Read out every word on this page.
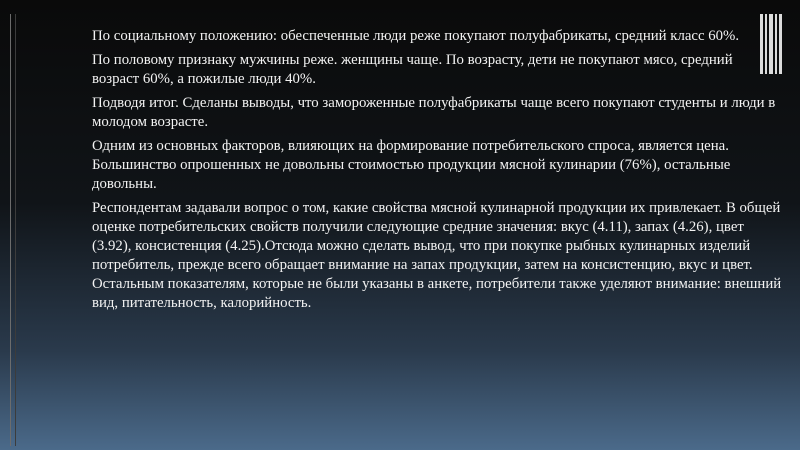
По социальному положению: обеспеченные люди реже покупают полуфабрикаты, средний класс 60%.

По половому признаку мужчины реже. женщины чаще. По возрасту, дети не покупают мясо, средний возраст 60%, а пожилые люди 40%.

Подводя итог. Сделаны выводы, что замороженные полуфабрикаты чаще всего покупают студенты и люди в молодом возрасте.

Одним из основных факторов, влияющих на формирование потребительского спроса, является цена. Большинство опрошенных не довольны стоимостью продукции мясной кулинарии (76%), остальные довольны.

Респондентам задавали вопрос о том, какие свойства мясной кулинарной продукции их привлекает. В общей оценке потребительских свойств получили следующие средние значения: вкус (4.11), запах (4.26), цвет (3.92), консистенция (4.25).Отсюда можно сделать вывод, что при покупке рыбных кулинарных изделий потребитель, прежде всего обращает внимание на запах продукции, затем на консистенцию, вкус и цвет. Остальным показателям, которые не были указаны в анкете, потребители также уделяют внимание: внешний вид, питательность, калорийность.
